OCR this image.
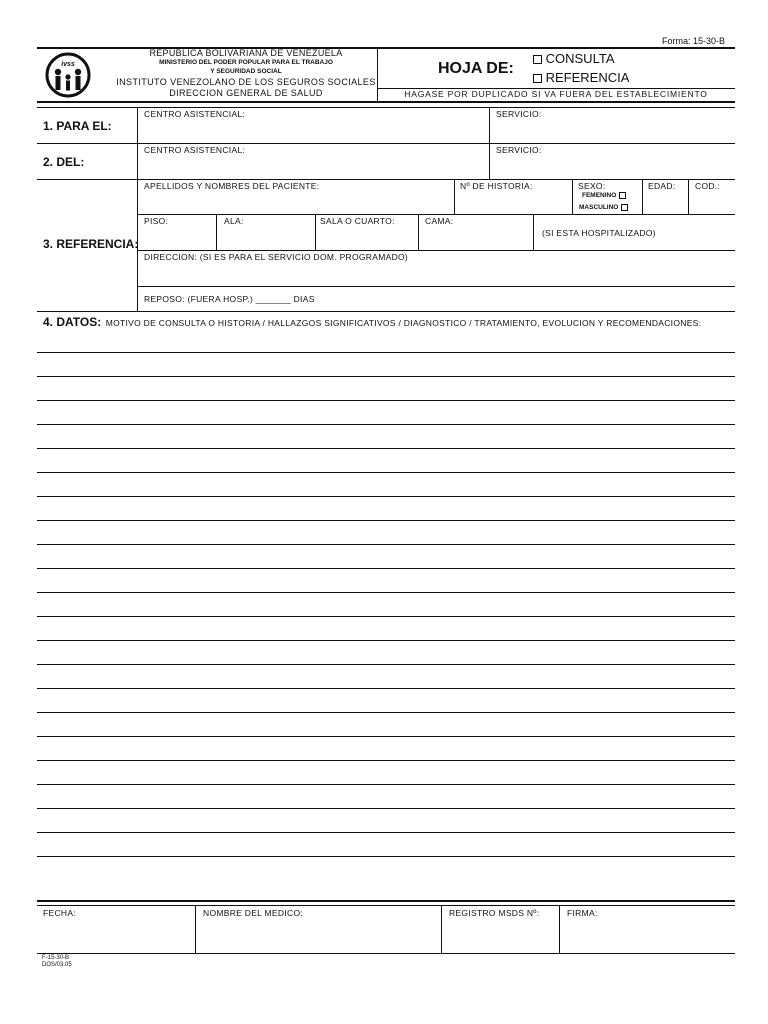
Forma: 15-30-B
ivss
REPUBLICA BOLIVARIANA DE VENEZUELA
MINISTERIO DEL PODER POPULAR PARA EL TRABAJO
Y SEGURIDAD SOCIAL
INSTITUTO VENEZOLANO DE LOS SEGUROS SOCIALES
DIRECCION GENERAL DE SALUD
HOJA DE:
CONSULTA
REFERENCIA
HAGASE POR DUPLICADO SI VA FUERA DEL ESTABLECIMIENTO
1. PARA EL:
CENTRO ASISTENCIAL:	SERVICIO:
2. DEL:
CENTRO ASISTENCIAL:	SERVICIO:
3. REFERENCIA:
APELLIDOS Y NOMBRES DEL PACIENTE:	Nº DE HISTORIA:	SEXO:
FEMENINO
MASCULINO
EDAD: COD.:
PISO:	ALA:	SALA O CUARTO:	CAMA:
(SI ESTA HOSPITALIZADO)
DIRECCION: (SI ES PARA EL SERVICIO DOM. PROGRAMADO)
REPOSO: (FUERA HOSP.) _______ DIAS
4. DATOS: MOTIVO DE CONSULTA O HISTORIA / HALLAZGOS SIGNIFICATIVOS / DIAGNOSTICO / TRATAMIENTO, EVOLUCION Y RECOMENDACIONES:
FECHA:	NOMBRE DEL MEDICO:	REGISTRO MSDS Nº:	FIRMA:
F-15-30-B
DOS/03.05
